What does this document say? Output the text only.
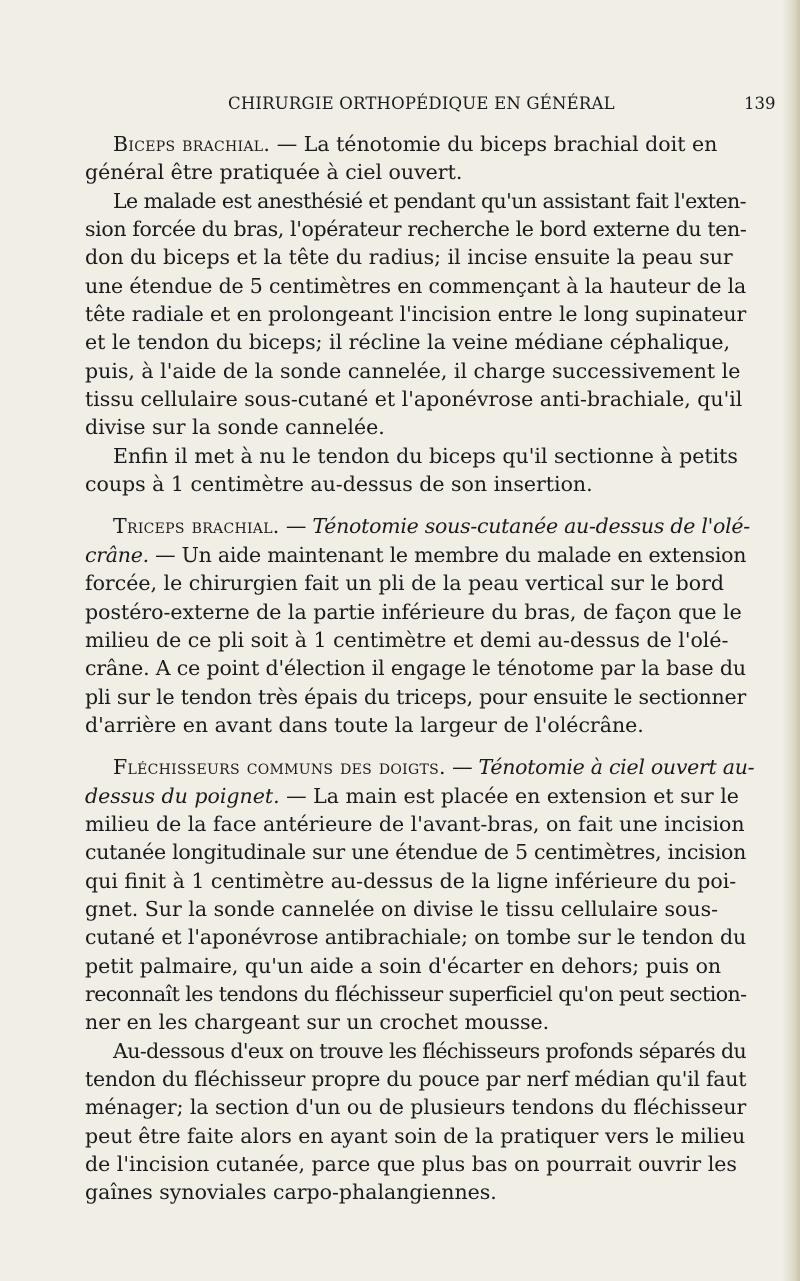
CHIRURGIE ORTHOPÉDIQUE EN GÉNÉRAL	139
Biceps brachial. — La ténotomie du biceps brachial doit en
général être pratiquée à ciel ouvert.
Le malade est anesthésié et pendant qu'un assistant fait l'exten-
sion forcée du bras, l'opérateur recherche le bord externe du ten-
don du biceps et la tête du radius; il incise ensuite la peau sur
une étendue de 5 centimètres en commençant à la hauteur de la
tête radiale et en prolongeant l'incision entre le long supinateur
et le tendon du biceps; il récline la veine médiane céphalique,
puis, à l'aide de la sonde cannelée, il charge successivement le
tissu cellulaire sous-cutané et l'aponévrose anti-brachiale, qu'il
divise sur la sonde cannelée.
Enfin il met à nu le tendon du biceps qu'il sectionne à petits
coups à 1 centimètre au-dessus de son insertion.
Triceps brachial. — Ténotomie sous-cutanée au-dessus de l'olé-
crâne. — Un aide maintenant le membre du malade en extension
forcée, le chirurgien fait un pli de la peau vertical sur le bord
postéro-externe de la partie inférieure du bras, de façon que le
milieu de ce pli soit à 1 centimètre et demi au-dessus de l'olé-
crâne. A ce point d'élection il engage le ténotome par la base du
pli sur le tendon très épais du triceps, pour ensuite le sectionner
d'arrière en avant dans toute la largeur de l'olécrâne.
Fléchisseurs communs des doigts. — Ténotomie à ciel ouvert au-
dessus du poignet. — La main est placée en extension et sur le
milieu de la face antérieure de l'avant-bras, on fait une incision
cutanée longitudinale sur une étendue de 5 centimètres, incision
qui finit à 1 centimètre au-dessus de la ligne inférieure du poi-
gnet. Sur la sonde cannelée on divise le tissu cellulaire sous-
cutané et l'aponévrose antibrachiale; on tombe sur le tendon du
petit palmaire, qu'un aide a soin d'écarter en dehors; puis on
reconnaît les tendons du fléchisseur superficiel qu'on peut section-
ner en les chargeant sur un crochet mousse.
Au-dessous d'eux on trouve les fléchisseurs profonds séparés du
tendon du fléchisseur propre du pouce par nerf médian qu'il faut
ménager; la section d'un ou de plusieurs tendons du fléchisseur
peut être faite alors en ayant soin de la pratiquer vers le milieu
de l'incision cutanée, parce que plus bas on pourrait ouvrir les
gaînes synoviales carpo-phalangiennes.
